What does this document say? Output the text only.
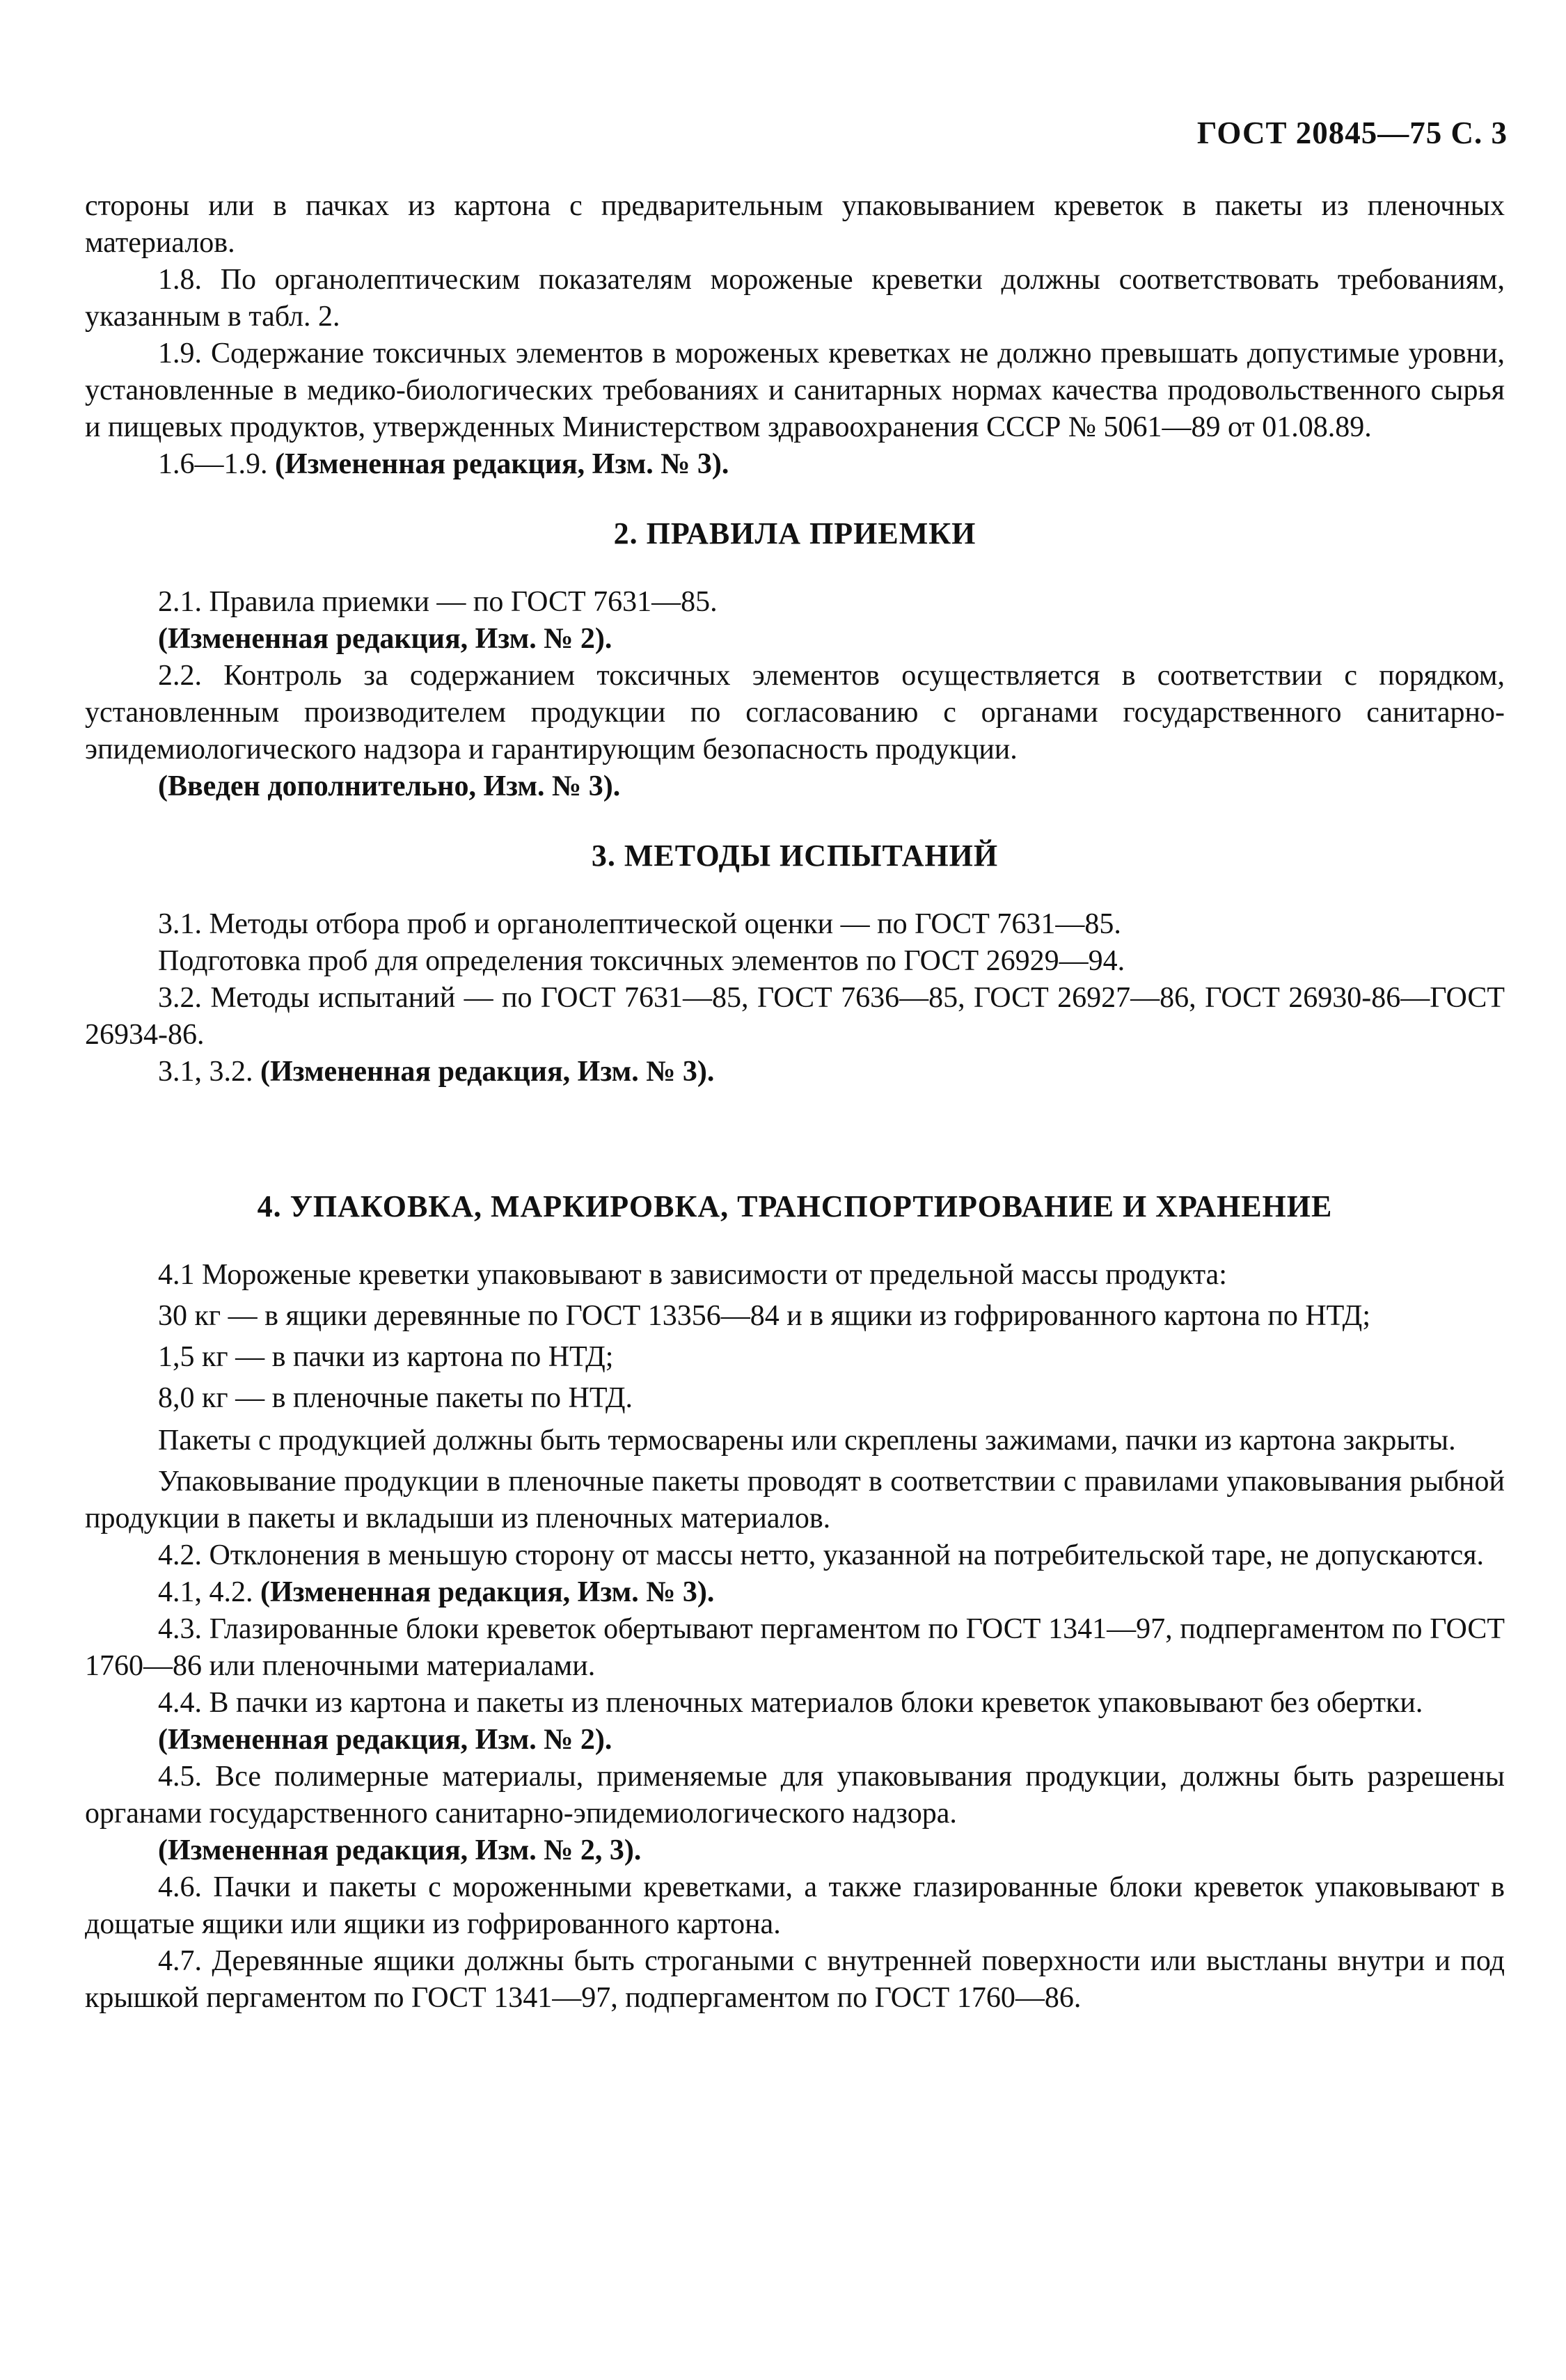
ГОСТ 20845—75 С. 3

стороны или в пачках из картона с предварительным упаковыванием креветок в пакеты из пленочных материалов.

1.8. По органолептическим показателям мороженые креветки должны соответствовать требованиям, указанным в табл. 2.

1.9. Содержание токсичных элементов в мороженых креветках не должно превышать допустимые уровни, установленные в медико-биологических требованиях и санитарных нормах качества продовольственного сырья и пищевых продуктов, утвержденных Министерством здравоохранения СССР № 5061—89 от 01.08.89.

1.6—1.9. (Измененная редакция, Изм. № 3).

2. ПРАВИЛА ПРИЕМКИ

2.1. Правила приемки — по ГОСТ 7631—85.

(Измененная редакция, Изм. № 2).

2.2. Контроль за содержанием токсичных элементов осуществляется в соответствии с порядком, установленным производителем продукции по согласованию с органами государственного санитарно-эпидемиологического надзора и гарантирующим безопасность продукции.

(Введен дополнительно, Изм. № 3).

3. МЕТОДЫ ИСПЫТАНИЙ

3.1. Методы отбора проб и органолептической оценки — по ГОСТ 7631—85.

Подготовка проб для определения токсичных элементов по ГОСТ 26929—94.

3.2. Методы испытаний — по ГОСТ 7631—85, ГОСТ 7636—85, ГОСТ 26927—86, ГОСТ 26930-86—ГОСТ 26934-86.

3.1, 3.2. (Измененная редакция, Изм. № 3).

4. УПАКОВКА, МАРКИРОВКА, ТРАНСПОРТИРОВАНИЕ И ХРАНЕНИЕ

4.1 Мороженые креветки упаковывают в зависимости от предельной массы продукта:

30 кг — в ящики деревянные по ГОСТ 13356—84 и в ящики из гофрированного картона по НТД;

1,5 кг — в пачки из картона по НТД;

8,0 кг — в пленочные пакеты по НТД.

Пакеты с продукцией должны быть термосварены или скреплены зажимами, пачки из картона закрыты.

Упаковывание продукции в пленочные пакеты проводят в соответствии с правилами упаковывания рыбной продукции в пакеты и вкладыши из пленочных материалов.

4.2. Отклонения в меньшую сторону от массы нетто, указанной на потребительской таре, не допускаются.

4.1, 4.2. (Измененная редакция, Изм. № 3).

4.3. Глазированные блоки креветок обертывают пергаментом по ГОСТ 1341—97, подпергаментом по ГОСТ 1760—86 или пленочными материалами.

4.4. В пачки из картона и пакеты из пленочных материалов блоки креветок упаковывают без обертки.

(Измененная редакция, Изм. № 2).

4.5. Все полимерные материалы, применяемые для упаковывания продукции, должны быть разрешены органами государственного санитарно-эпидемиологического надзора.

(Измененная редакция, Изм. № 2, 3).

4.6. Пачки и пакеты с мороженными креветками, а также глазированные блоки креветок упаковывают в дощатые ящики или ящики из гофрированного картона.

4.7. Деревянные ящики должны быть строгаными с внутренней поверхности или выстланы внутри и под крышкой пергаментом по ГОСТ 1341—97, подпергаментом по ГОСТ 1760—86.
